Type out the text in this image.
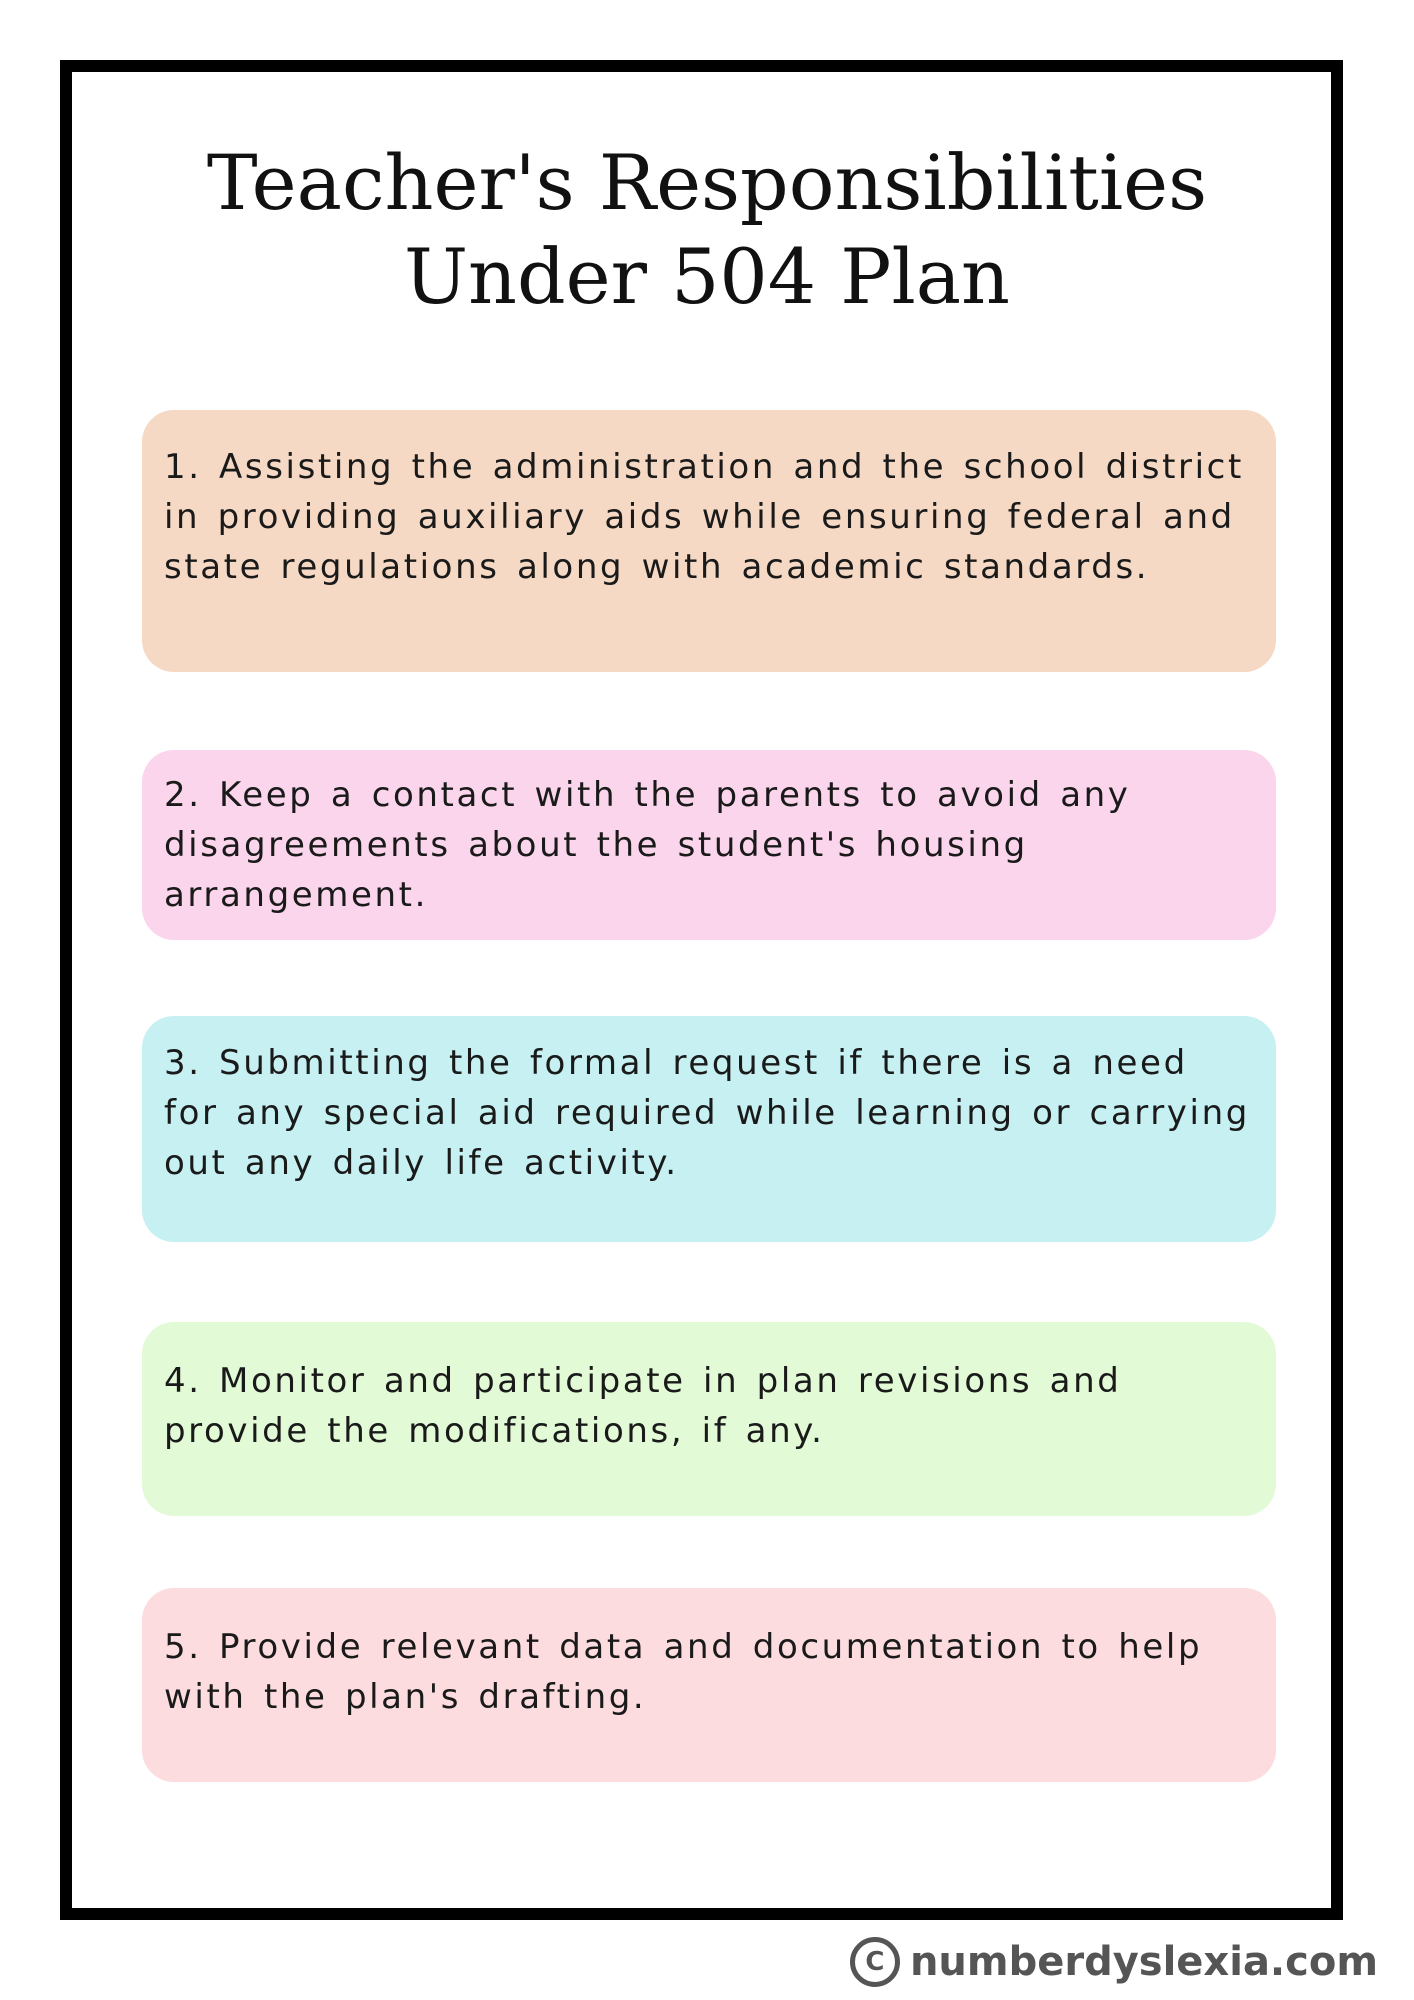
Teacher's Responsibilities
Under 504 Plan
1. Assisting the administration and the school district in providing auxiliary aids while ensuring federal and state regulations along with academic standards.
2. Keep a contact with the parents to avoid any disagreements about the student's housing arrangement.
3. Submitting the formal request if there is a need for any special aid required while learning or carrying out any daily life activity.
4. Monitor and participate in plan revisions and provide the modifications, if any.
5. Provide relevant data and documentation to help with the plan's drafting.
C numberdyslexia.com
